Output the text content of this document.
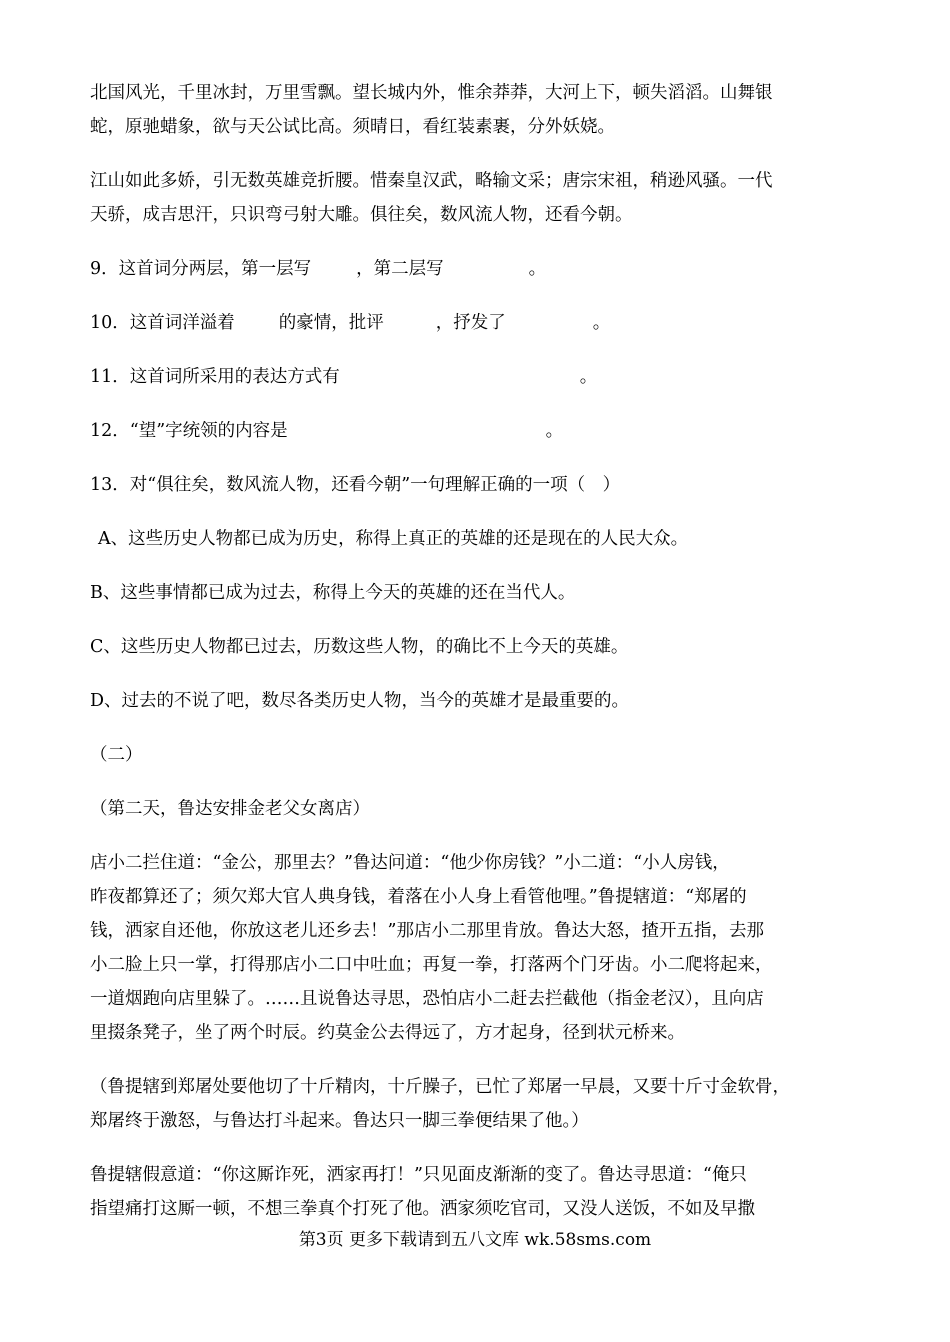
北国风光，千里冰封，万里雪飘。望长城内外，惟余莽莽，大河上下，顿失滔滔。山舞银

蛇，原驰蜡象，欲与天公试比高。须晴日，看红装素裹，分外妖娆。

江山如此多娇，引无数英雄竞折腰。惜秦皇汉武，略输文采；唐宗宋祖，稍逊风骚。一代

天骄，成吉思汗，只识弯弓射大雕。俱往矣，数风流人物，还看今朝。

9．这首词分两层，第一层写	，第二层写	。

10．这首词洋溢着	的豪情，批评	，抒发了	。

11．这首词所采用的表达方式有	。

12．“望”字统领的内容是	。

13．对“俱往矣，数风流人物，还看今朝”一句理解正确的一项（　）

A、这些历史人物都已成为历史，称得上真正的英雄的还是现在的人民大众。

B、这些事情都已成为过去，称得上今天的英雄的还在当代人。

C、这些历史人物都已过去，历数这些人物，的确比不上今天的英雄。

D、过去的不说了吧，数尽各类历史人物，当今的英雄才是最重要的。

（二）

（第二天，鲁达安排金老父女离店）

店小二拦住道：“金公，那里去？”鲁达问道：“他少你房钱？”小二道：“小人房钱，

昨夜都算还了；须欠郑大官人典身钱，着落在小人身上看管他哩。”鲁提辖道：“郑屠的

钱，洒家自还他，你放这老儿还乡去！”那店小二那里肯放。鲁达大怒，揸开五指，去那

小二脸上只一掌，打得那店小二口中吐血；再复一拳，打落两个门牙齿。小二爬将起来，

一道烟跑向店里躲了。……且说鲁达寻思，恐怕店小二赶去拦截他（指金老汉），且向店

里掇条凳子，坐了两个时辰。约莫金公去得远了，方才起身，径到状元桥来。

（鲁提辖到郑屠处要他切了十斤精肉，十斤臊子，已忙了郑屠一早晨，又要十斤寸金软骨，

郑屠终于激怒，与鲁达打斗起来。鲁达只一脚三拳便结果了他。）

鲁提辖假意道：“你这厮诈死，洒家再打！”只见面皮渐渐的变了。鲁达寻思道：“俺只

指望痛打这厮一顿，不想三拳真个打死了他。洒家须吃官司，又没人送饭，不如及早撒

第3页 更多下载请到五八文库 wk.58sms.com
